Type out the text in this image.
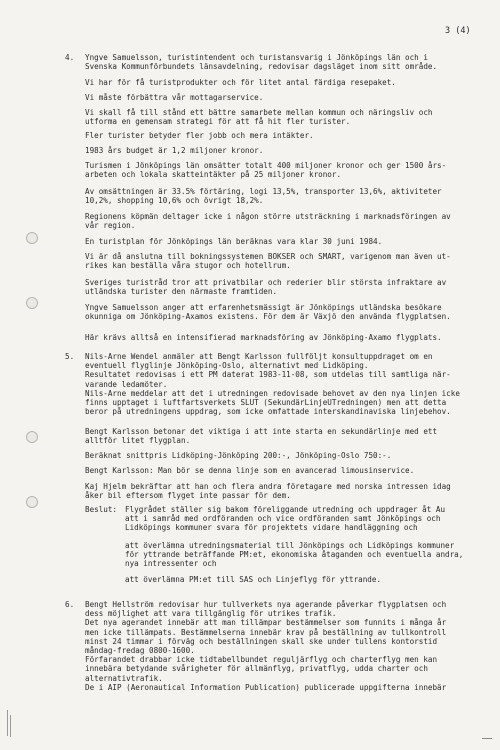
3 (4)
4. Yngve Samuelsson, turistintendent och turistansvarig i Jönköpings län och i
Svenska Kommunförbundets länsavdelning, redovisar dagsläget inom sitt område.
Vi har för få turistprodukter och för litet antal färdiga resepaket.
Vi måste förbättra vår mottagarservice.
Vi skall få till stånd ett bättre samarbete mellan kommun och näringsliv och
utforma en gemensam strategi för att få hit fler turister.
Fler turister betyder fler jobb och mera intäkter.
1983 års budget är 1,2 miljoner kronor.
Turismen i Jönköpings län omsätter totalt 400 miljoner kronor och ger 1500 års-
arbeten och lokala skatteintäkter på 25 miljoner kronor.
Av omsättningen är 33.5% förtäring, logi 13,5%, transporter 13,6%, aktiviteter
10,2%, shopping 10,6% och övrigt 18,2%.
Regionens köpmän deltager icke i någon större utsträckning i marknadsföringen av
vår region.
En turistplan för Jönköpings län beräknas vara klar 30 juni 1984.
Vi är då anslutna till bokningssystemen BOKSER och SMART, varigenom man även ut-
rikes kan beställa våra stugor och hotellrum.
Sveriges turistråd tror att privatbilar och rederier blir största infraktare av
utländska turister den närmaste framtiden.
Yngve Samuelsson anger att erfarenhetsmässigt är Jönköpings utländska besökare
okunniga om Jönköping-Axamos existens. För dem är Växjö den använda flygplatsen.
Här krävs alltså en intensifierad marknadsföring av Jönköping-Axamo flygplats.
5. Nils-Arne Wendel anmäler att Bengt Karlsson fullföljt konsultuppdraget om en
eventuell flyglinje Jönköping-Oslo, alternativt med Lidköping.
Resultatet redovisas i ett PM daterat 1983-11-08, som utdelas till samtliga när-
varande ledamöter.
Nils-Arne meddelar att det i utredningen redovisade behovet av den nya linjen icke
finns upptaget i luftfartsverkets SLUT (SekundärLinjeUTredningen) men att detta
beror på utredningens uppdrag, som icke omfattade interskandinaviska linjebehov.
Bengt Karlsson betonar det viktiga i att inte starta en sekundärlinje med ett
alltför litet flygplan.
Beräknat snittpris Lidköping-Jönköping 200:-, Jönköping-Oslo 750:-.
Bengt Karlsson: Man bör se denna linje som en avancerad limousinservice.
Kaj Hjelm bekräftar att han och flera andra företagare med norska intressen idag
åker bil eftersom flyget inte passar för dem.
Beslut: Flygrådet ställer sig bakom föreliggande utredning och uppdrager åt Au
att i samråd med ordföranden och vice ordföranden samt Jönköpings och
Lidköpings kommuner svara för projektets vidare handläggning och
att överlämna utredningsmaterial till Jönköpings och Lidköpings kommuner
för yttrande beträffande PM:et, ekonomiska åtaganden och eventuella andra,
nya intressenter och
att överlämna PM:et till SAS och Linjeflyg för yttrande.
6. Bengt Hellström redovisar hur tullverkets nya agerande påverkar flygplatsen och
dess möjlighet att vara tillgänglig för utrikes trafik.
Det nya agerandet innebär att man tillämpar bestämmelser som funnits i många år
men icke tillämpats. Bestämmelserna innebär krav på beställning av tullkontroll
minst 24 timmar i förväg och beställningen skall ske under tullens kontorstid
måndag-fredag 0800-1600.
Förfarandet drabbar icke tidtabellbundet reguljärflyg och charterflyg men kan
innebära betydande svårigheter för allmänflyg, privatflyg, udda charter och
alternativtrafik.
De i AIP (Aeronautical Information Publication) publicerade uppgifterna innebär
